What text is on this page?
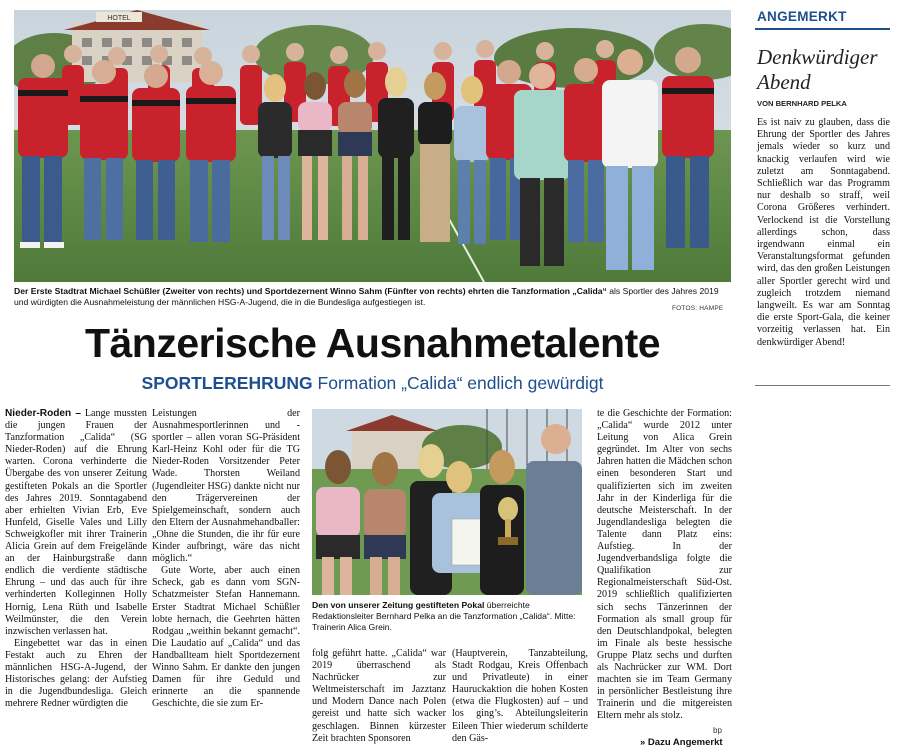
HOTEL
FOTOS: HAMPE
Der Erste Stadtrat Michael Schüßler (Zweiter von rechts) und Sportdezernent Winno Sahm (Fünfter von rechts) ehrten die Tanzformation „Calida“ als Sportler des Jahres 2019 und würdigten die Ausnahmeleistung der männlichen HSG-A-Jugend, die in die Bundesliga aufgestiegen ist.
Tänzerische Ausnahmetalente
SPORTLEREHRUNG Formation „Calida“ endlich gewürdigt

Nieder-Roden – Lange mussten die jungen Frauen der Tanzformation „Calida“ (SG Nieder-Roden) auf die Ehrung warten. Corona verhinderte die Übergabe des von unserer Zeitung gestifteten Pokals an die Sportler des Jahres 2019. Sonntagabend aber erhielten Vivian Erb, Eve Hunfeld, Giselle Vales und Lilly Schweigkofler mit ihrer Trainerin Alicia Grein auf dem Freigelände an der Hainburgstraße dann endlich die verdiente städtische Ehrung – und das auch für ihre verhinderten Kolleginnen Holly Hornig, Lena Rüth und Isabelle Weilmünster, die den Verein inzwischen verlassen hat.

Eingebettet war das in einen Festakt auch zu Ehren der männlichen HSG-A-Jugend, der Historisches gelang: der Aufstieg in die Jugendbundesliga. Gleich mehrere Redner würdigten die

Leistungen der Ausnahmesportlerinnen und -sportler – allen voran SG-Präsident Karl-Heinz Kohl oder für die TG Nieder-Roden Vorsitzender Peter Wade. Thorsten Weiland (Jugendleiter HSG) dankte nicht nur den Trägervereinen der Spielgemeinschaft, sondern auch den Eltern der Ausnahmehandballer: „Ohne die Stunden, die ihr für eure Kinder aufbringt, wäre das nicht möglich.“

Gute Worte, aber auch einen Scheck, gab es dann vom SGN-Schatzmeister Stefan Hannemann. Erster Stadtrat Michael Schüßler lobte hernach, die Geehrten hätten Rodgau „weithin bekannt gemacht“. Die Laudatio auf „Calida“ und das Handballteam hielt Sportdezernent Winno Sahm. Er dankte den jungen Damen für ihre Geduld und erinnerte an die spannende Geschichte, die sie zum Er-

Den von unserer Zeitung gestifteten Pokal überreichte Redaktionsleiter Bernhard Pelka an die Tanzformation „Calida“. Mitte: Trainerin Alica Grein.

folg geführt hatte. „Calida“ war 2019 überraschend als Nachrücker zur Weltmeisterschaft im Jazztanz und Modern Dance nach Polen gereist und hatte sich wacker geschlagen. Binnen kürzester Zeit brachten Sponsoren

(Hauptverein, Tanzabteilung, Stadt Rodgau, Kreis Offenbach und Privatleute) in einer Hauruckaktion die hohen Kosten (etwa die Flugkosten) auf – und los ging’s. Abteilungsleiterin Eileen Thier wiederum schilderte den Gäs-

te die Geschichte der Formation: „Calida“ wurde 2012 unter Leitung von Alica Grein gegründet. Im Alter von sechs Jahren hatten die Mädchen schon einen besonderen Start und qualifizierten sich im zweiten Jahr in der Kinderliga für die deutsche Meisterschaft. In der Jugendlandesliga belegten die Talente dann Platz eins: Aufstieg. In der Jugendverbandsliga folgte die Qualifikation zur Regionalmeisterschaft Süd-Ost. 2019 schließlich qualifizierten sich sechs Tänzerinnen der Formation als small group für den Deutschlandpokal, belegten im Finale als beste hessische Gruppe Platz sechs und durften als Nachrücker zur WM. Dort machten sie im Team Germany in persönlicher Bestleistung ihre Trainerin und die mitgereisten Eltern mehr als stolz.

bp
» Dazu Angemerkt
ANGEMERKT
Denkwürdiger
Abend
VON BERNHARD PELKA

Es ist naiv zu glauben, dass die Ehrung der Sportler des Jahres jemals wieder so kurz und knackig verlaufen wird wie zuletzt am Sonntagabend. Schließlich war das Programm nur deshalb so straff, weil Corona Größeres verhindert. Verlockend ist die Vorstellung allerdings schon, dass irgendwann einmal ein Veranstaltungsformat gefunden wird, das den großen Leistungen aller Sportler gerecht wird und zugleich trotzdem niemand langweilt. Es war am Sonntag die erste Sport-Gala, die keiner vorzeitig verlassen hat. Ein denkwürdiger Abend!
